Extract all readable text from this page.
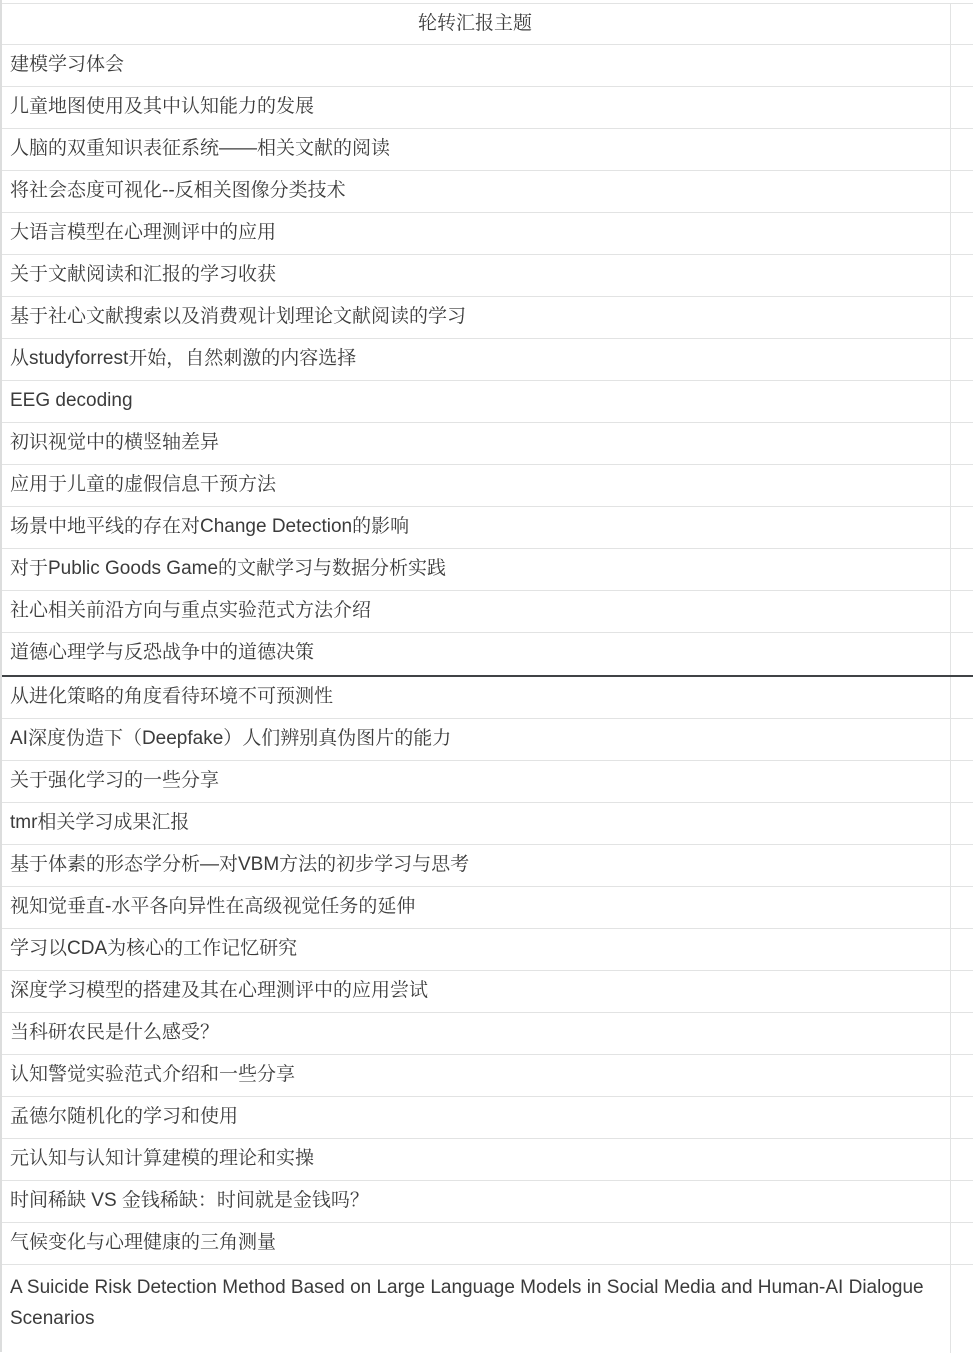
轮转汇报主题
建模学习体会
儿童地图使用及其中认知能力的发展
人脑的双重知识表征系统——相关文献的阅读
将社会态度可视化--反相关图像分类技术
大语言模型在心理测评中的应用
关于文献阅读和汇报的学习收获
基于社心文献搜索以及消费观计划理论文献阅读的学习
从studyforrest开始，自然刺激的内容选择
EEG decoding
初识视觉中的横竖轴差异
应用于儿童的虚假信息干预方法
场景中地平线的存在对Change Detection的影响
对于Public Goods Game的文献学习与数据分析实践
社心相关前沿方向与重点实验范式方法介绍
道德心理学与反恐战争中的道德决策
从进化策略的角度看待环境不可预测性
AI深度伪造下（Deepfake）人们辨别真伪图片的能力
关于强化学习的一些分享
tmr相关学习成果汇报
基于体素的形态学分析—对VBM方法的初步学习与思考
视知觉垂直-水平各向异性在高级视觉任务的延伸
学习以CDA为核心的工作记忆研究
深度学习模型的搭建及其在心理测评中的应用尝试
当科研农民是什么感受？
认知警觉实验范式介绍和一些分享
孟德尔随机化的学习和使用
元认知与认知计算建模的理论和实操
时间稀缺 VS 金钱稀缺：时间就是金钱吗？
气候变化与心理健康的三角测量
A Suicide Risk Detection Method Based on Large Language Models in Social Media and Human-AI Dialogue Scenarios
